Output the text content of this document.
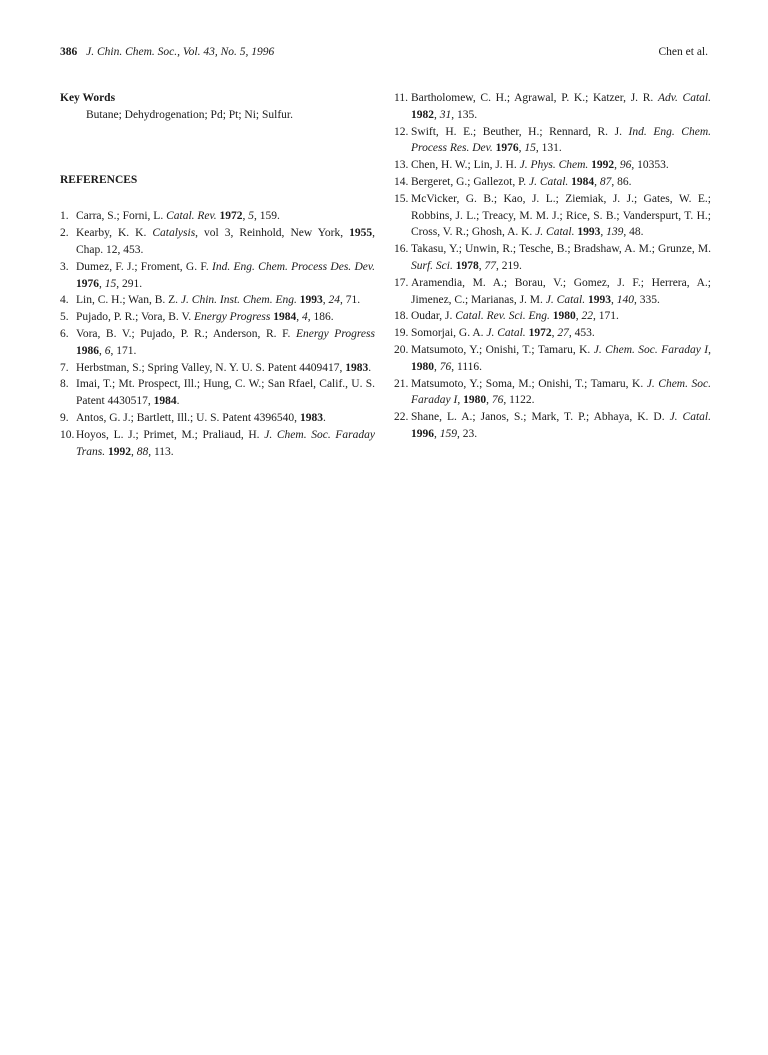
386 J. Chin. Chem. Soc., Vol. 43, No. 5, 1996	Chen et al.

Key Words

Butane; Dehydrogenation; Pd; Pt; Ni; Sulfur.

REFERENCES

1. Carra, S.; Forni, L. Catal. Rev. 1972, 5, 159.

2. Kearby, K. K. Catalysis, vol 3, Reinhold, New York, 1955, Chap. 12, 453.

3. Dumez, F. J.; Froment, G. F. Ind. Eng. Chem. Process Des. Dev. 1976, 15, 291.

4. Lin, C. H.; Wan, B. Z. J. Chin. Inst. Chem. Eng. 1993, 24, 71.

5. Pujado, P. R.; Vora, B. V. Energy Progress 1984, 4, 186.

6. Vora, B. V.; Pujado, P. R.; Anderson, R. F. Energy Progress 1986, 6, 171.

7. Herbstman, S.; Spring Valley, N. Y. U. S. Patent 4409417, 1983.

8. Imai, T.; Mt. Prospect, Ill.; Hung, C. W.; San Rfael, Calif., U. S. Patent 4430517, 1984.

9. Antos, G. J.; Bartlett, Ill.; U. S. Patent 4396540, 1983.

10. Hoyos, L. J.; Primet, M.; Praliaud, H. J. Chem. Soc. Faraday Trans. 1992, 88, 113.

11. Bartholomew, C. H.; Agrawal, P. K.; Katzer, J. R. Adv. Catal. 1982, 31, 135.

12. Swift, H. E.; Beuther, H.; Rennard, R. J. Ind. Eng. Chem. Process Res. Dev. 1976, 15, 131.

13. Chen, H. W.; Lin, J. H. J. Phys. Chem. 1992, 96, 10353.

14. Bergeret, G.; Gallezot, P. J. Catal. 1984, 87, 86.

15. McVicker, G. B.; Kao, J. L.; Ziemiak, J. J.; Gates, W. E.; Robbins, J. L.; Treacy, M. M. J.; Rice, S. B.; Vanderspurt, T. H.; Cross, V. R.; Ghosh, A. K. J. Catal. 1993, 139, 48.

16. Takasu, Y.; Unwin, R.; Tesche, B.; Bradshaw, A. M.; Grunze, M. Surf. Sci. 1978, 77, 219.

17. Aramendia, M. A.; Borau, V.; Gomez, J. F.; Herrera, A.; Jimenez, C.; Marianas, J. M. J. Catal. 1993, 140, 335.

18. Oudar, J. Catal. Rev. Sci. Eng. 1980, 22, 171.

19. Somorjai, G. A. J. Catal. 1972, 27, 453.

20. Matsumoto, Y.; Onishi, T.; Tamaru, K. J. Chem. Soc. Faraday I, 1980, 76, 1116.

21. Matsumoto, Y.; Soma, M.; Onishi, T.; Tamaru, K. J. Chem. Soc. Faraday I, 1980, 76, 1122.

22. Shane, L. A.; Janos, S.; Mark, T. P.; Abhaya, K. D. J. Catal. 1996, 159, 23.
